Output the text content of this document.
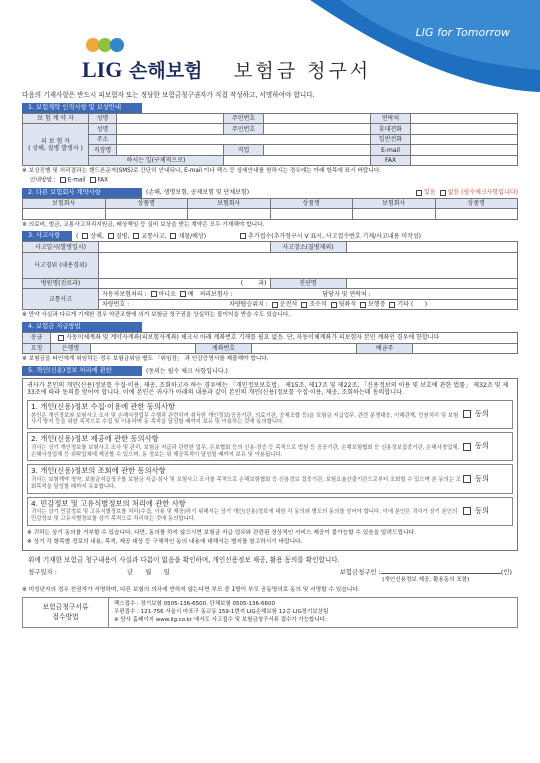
LIG 손해보험 보험금 청구서
LIG for Tomorrow
다음의 기재사항은 반드시 피보험자 또는 정당한 보험금청구권자가 직접 작성하고, 서명하여야 합니다.
1. 보험계약 인적사항 및 보상안내
보 험 계 약 자	성명		주민번호		연락처	
피 보 험 자
( 상해, 질병 발생자 )	성명		주민번호		휴대전화	
	주소				일반전화	
	직장명		직업		E-mail	
	하시는 일(구체적으로)				FAX	
※ 보상진행 및 처리결과는 핸드폰문자(SMS)로 간단히 안내되나, E-mail 이나 팩스 등 상세안내를 원하시는 경우에는 아래 항목에 표시 바랍니다.
안내방법 : E-mail FAX
2. 다른 보험회사 계약사항	(손해, 생명보험, 공제보험 및 단체보험)	있음 없음 (필수체크사항입니다)
보험회사	상품명	보험회사	상품명	보험회사	상품명

※ 의료비, 벌금, 교통사고처리지원금, 배상책임 등 실비 보상을 받는 계약은 모두 기재해야 합니다.
3. 사고사항	( 상해, 질병, 교통사고, 재물/배상)	추가접수(추가청구시 V 표시, 사고접수번호 기재/사고내용 미작성)
사고일시(발병일시)		사고장소(질병제외)	
사고경위 (내용경위)			
병원명(진료과)	(        과)	진단명	
교통사고	자동차보험처리 : 아니오 예 처리보험사 : 담당자 및 연락처 :		
	차량번호 : 차량탑승위치 : 운전석 조수석 뒷좌석 보행중 기타 (      )		
※ 만약 사실과 다르게 기재한 경우 약관조항에 의거 보험금 청구권을 상실하는 불이익을 받을 수도 있습니다.
4. 보험금 지급방법
송금	자동이체계좌 및 계약자계좌(피보험자계좌) 체크시 아래 계좌번호 기재를 필요 없음. 단, 자동이체계좌가 피보험자 본인 계좌인 경우에 한합니다					
요청	은행명		계좌번호		예금주	
※ 보험금을 타인에게 위임하는 경우 보험금위임 별도 「위임장」 과 인감증명서를 제출해야 합니다.
5. 개인(신용)정보 처리에 관한	(동의는 필수 체크 사항입니다.)
귀사가 본인의 개인(신용)정보를 수집·이용, 제공, 조회하고자 하는 경우에는 「개인정보보호법」 제15조, 제17조 및 제22조, 「신용정보의 이용 및 보호에 관한 법률」 제32조 및 제33조에 따라 동의를 얻어야 합니다. 이에 본인은 귀사가 아래의 내용과 같이 본인의 개인(신용)정보를 수집·이용, 제공, 조회하는데 동의합니다.
1. 개인(신용)정보 수집·이용에 관한 동의사항
본인은 개인정보와 보험사고 조사 및 손해사정업무 수행과 관련하여 취득한 개인정보(공공기관, 의료기관, 공제조합 등)을 보험금 지급업무, 관련 분쟁대응, 이해관계, 민원처리 및 보험사기 방지 등을 위한 목적으로 수집 및 이용하며 동 목적을 달성할 때까지 보유 및 이용하는 것에 동의합니다.
동의
2. 개인(신용)정보 제공에 관한 동의사항
귀사는 상기 개인정보를 보험사고 조사 및 관리, 보험금 지급과 관련한 업무, 손보협회 등의 신용·경증 등 목적으로 법원 등 공공기관, 손해보험협회 등 신용정보집중기관, 손해사정업체, 손해사정업체 등 위탁업체에 제공할 수 있으며, 동 정보는 위 제공목적이 달성될 때까지 보유 및 이용됩니다.
동의
3. 개인(신용)정보의 조회에 관한 동의사항
귀사는 보험계약 청약, 보험금지급청구를 보험금 지급·심사 및 보험사고 조사를 목적으로 손해보험협회 등 신용정보 집중기관, 보험요율산출기관으로부터 조회할 수 있으며 본 동의는 조회목적을 달성할 때까지 유효합니다.
동의
4. 민감정보 및 고유식별정보의 처리에 관한 사항
귀사는 상기 민감정보 및 고유식별정보를 처리(수집, 이용 및 제공)하기 위해서는 상기 개인(신용)정보에 대한 각 동의와 별도의 동의를 얻어야 합니다. 이에 본인은 귀사가 상기 본인의 민감정보 및 고유식별정보를 상기 목적으로 처리하는 것에 동의합니다.
동의
※ 귀하는 상기 동의를 거부할 수 있습니다. 다만, 동의를 하지 않으시면 보험금 지급 업무와 관련된 정상적인 서비스 제공이 불가능할 수 있음을 알려드립니다.
※ 상기 각 항목별 정보의 내용, 목적, 제공 대상 등 구체적인 동의 내용에 대해서는 별지를 참고하시기 바랍니다.
위에 기재한 보험금 청구내용이 사실과 다름이 없음을 확인하며, 개인신용정보 제공, 활용 동의를 확인합니다.
청구일자 :	년 월 일	보험금청구인 :	(인)
(개인신용정보 제공, 활용동의 포함)
※ 미성년자의 경우 친권자가 서명하며, 다른 보험의 의사에 반하지 않는다면 부모 중 1방이 부모 공동명의로 동의 및 서명할 수 있습니다.
보험금청구서류
접수방법
팩스접수 : 장기보험 0505-136-6500, 단체보험 0505-136-6600
우편접수 : 121-756 서울시 마포구 동교동 159-1번지 LIG손해보험 12층 LIG장기보상팀
※ 당사 홈페이지 www.lig.co.kr 에서도 사고접수 및 보험금청구서류 접수가 가능합니다.
